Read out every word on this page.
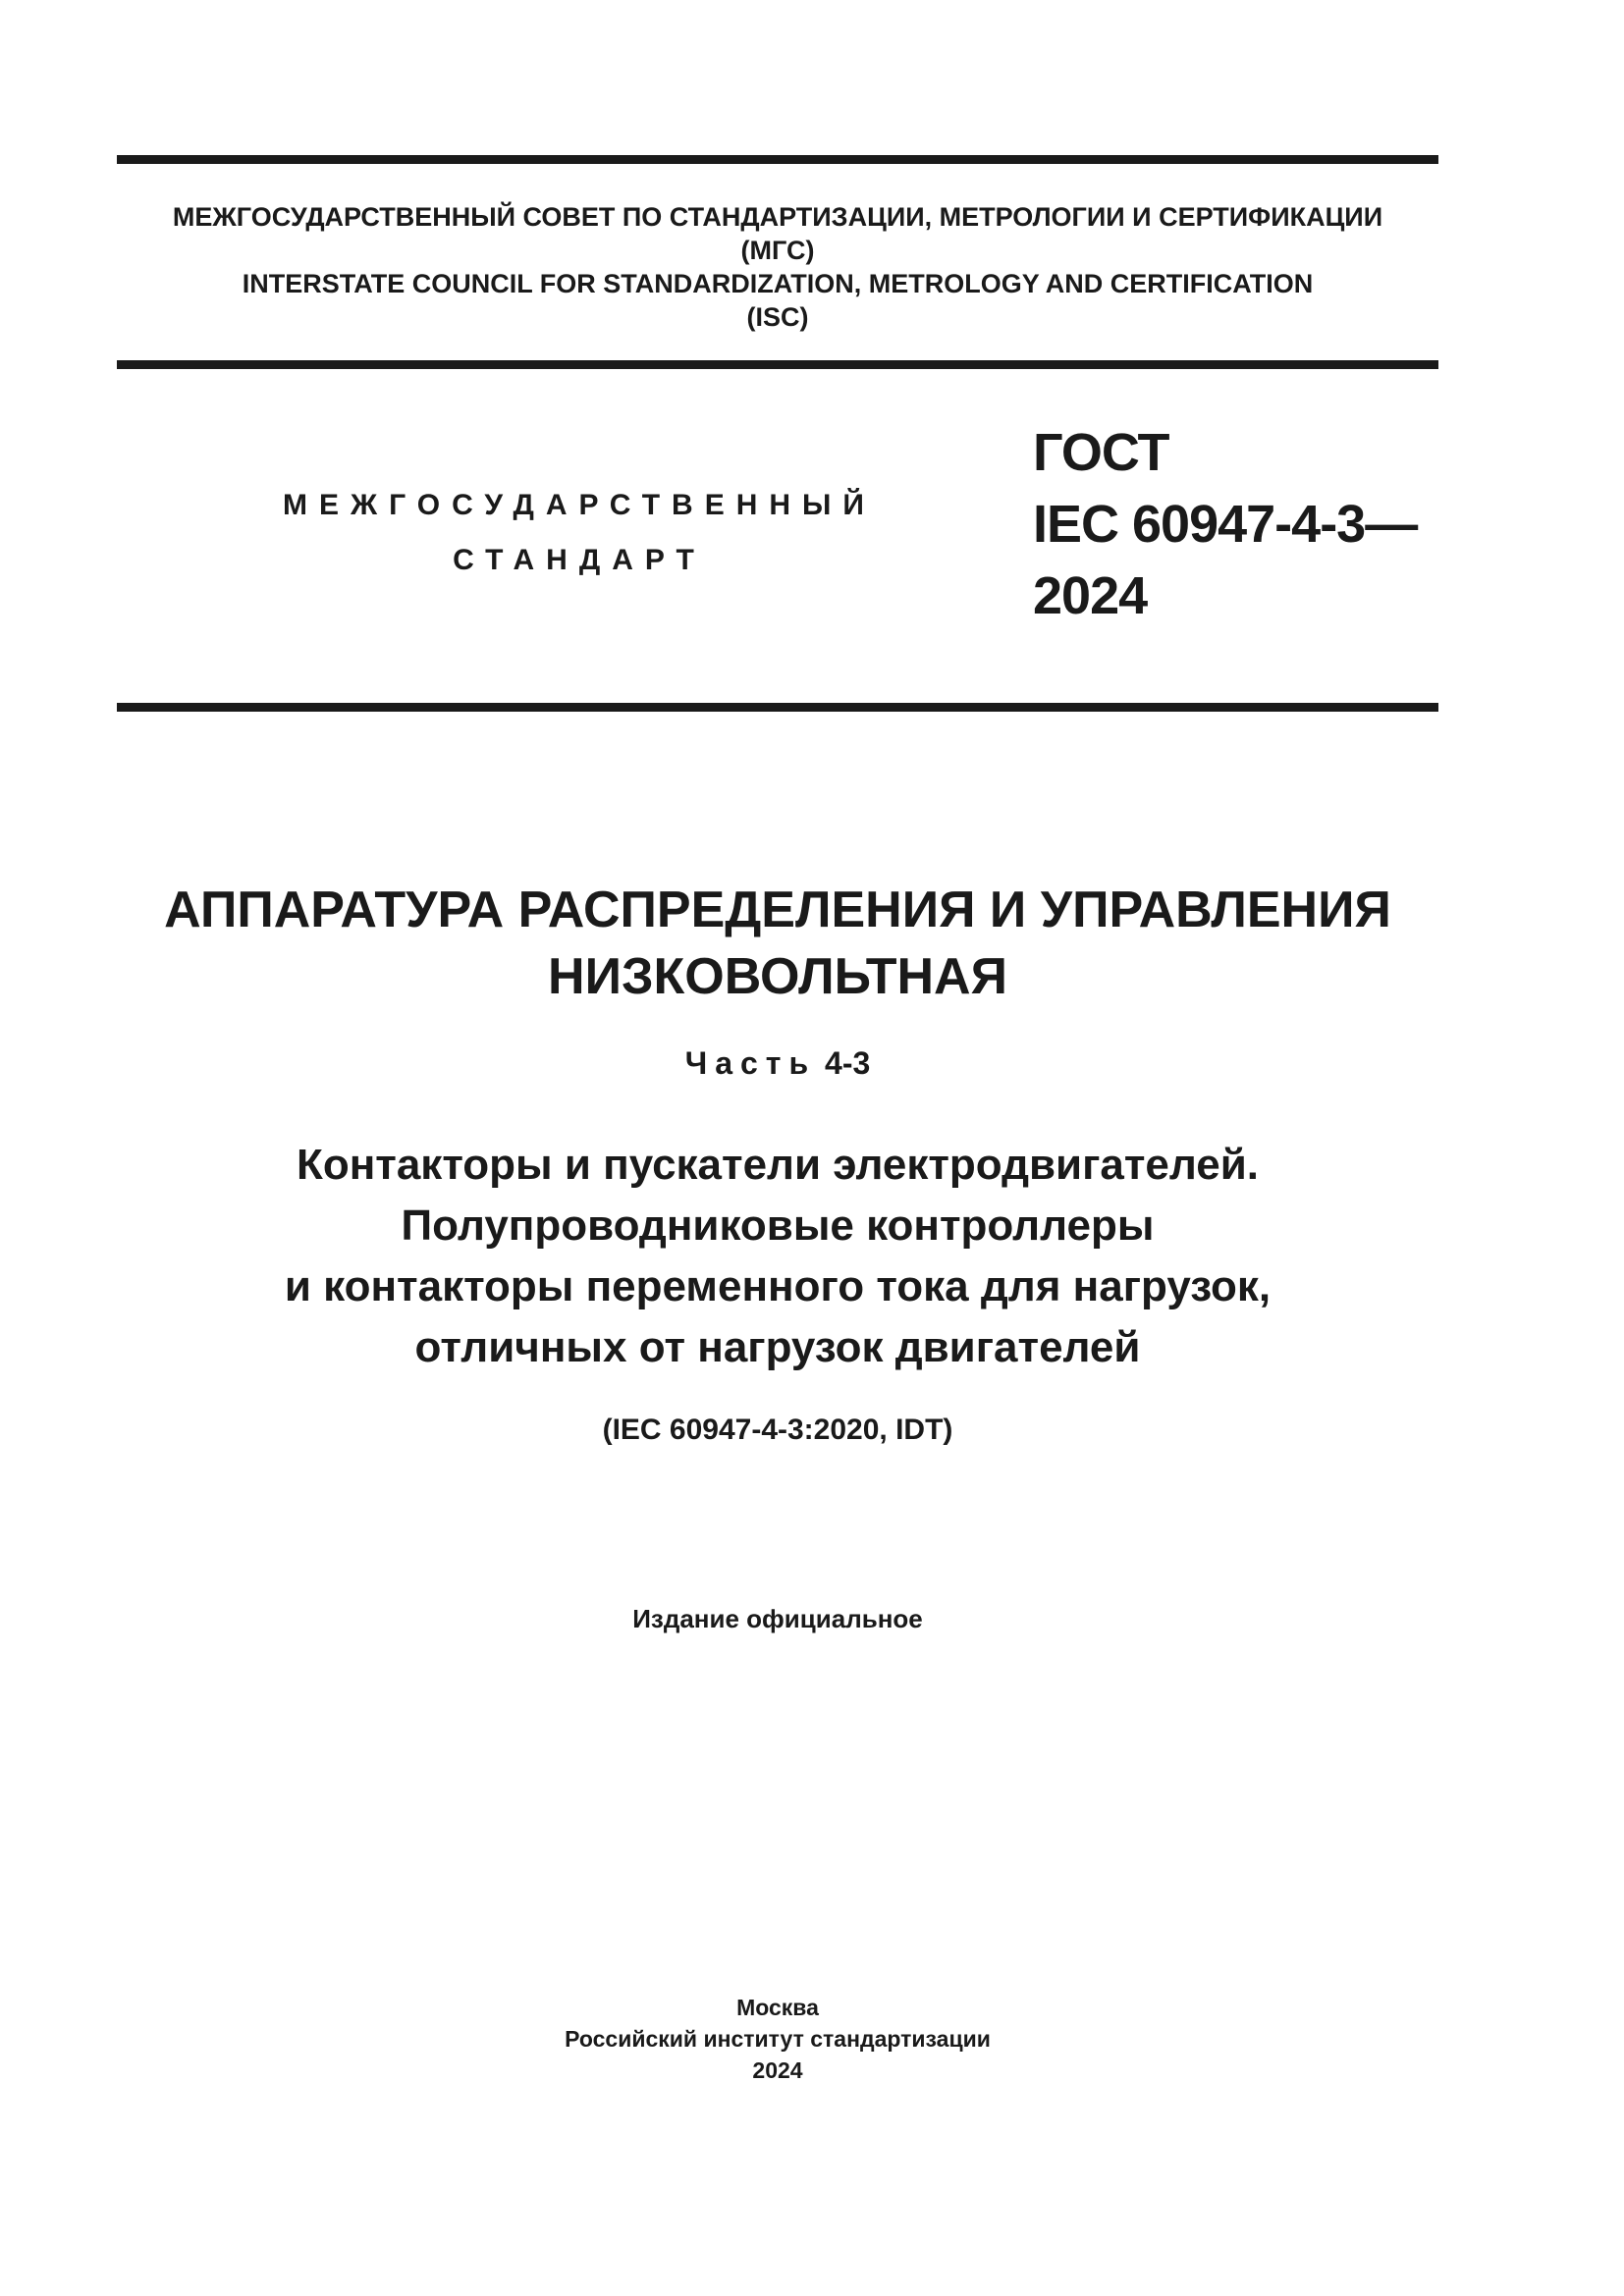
МЕЖГОСУДАРСТВЕННЫЙ СОВЕТ ПО СТАНДАРТИЗАЦИИ, МЕТРОЛОГИИ И СЕРТИФИКАЦИИ
(МГС)
INTERSTATE COUNCIL FOR STANDARDIZATION, METROLOGY AND CERTIFICATION
(ISC)
МЕЖГОСУДАРСТВЕННЫЙ
СТАНДАРТ
ГОСТ
IEC 60947-4-3—
2024
АППАРАТУРА РАСПРЕДЕЛЕНИЯ И УПРАВЛЕНИЯ
НИЗКОВОЛЬТНАЯ
Часть 4-3
Контакторы и пускатели электродвигателей.
Полупроводниковые контроллеры
и контакторы переменного тока для нагрузок,
отличных от нагрузок двигателей
(IEC 60947-4-3:2020, IDT)
Издание официальное
Москва
Российский институт стандартизации
2024
